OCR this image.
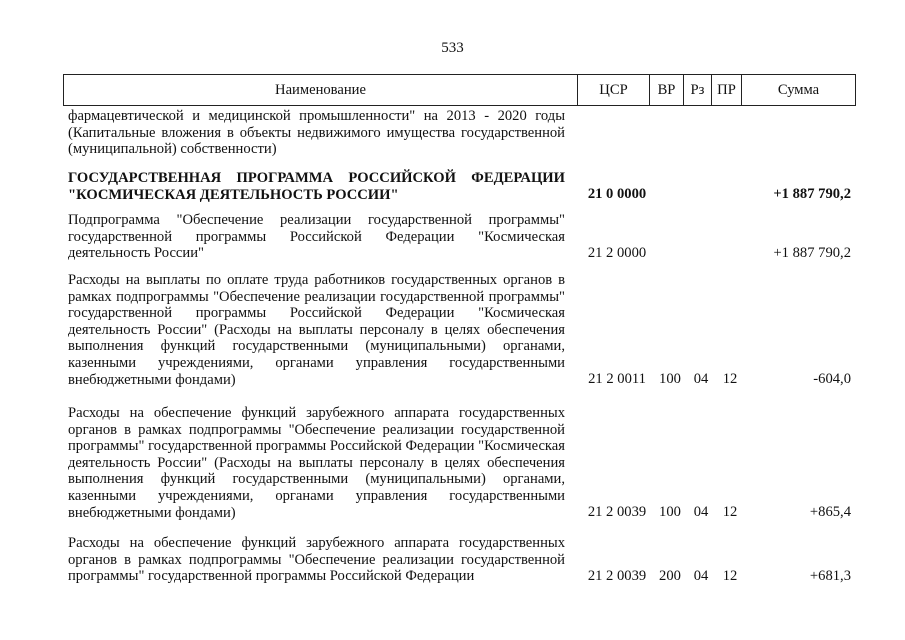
533
Наименование	ЦСР	ВР	Рз ПР	Сумма
фармацевтической и медицинской промышленности" на 2013 - 2020 годы (Капитальные вложения в объекты недвижимого имущества государственной (муниципальной) собственности)
ГОСУДАРСТВЕННАЯ ПРОГРАММА РОССИЙСКОЙ ФЕДЕРАЦИИ "КОСМИЧЕСКАЯ ДЕЯТЕЛЬНОСТЬ РОССИИ"	21 0 0000	+1 887 790,2
Подпрограмма "Обеспечение реализации государственной программы" государственной программы Российской Федерации "Космическая деятельность России"	21 2 0000	+1 887 790,2
Расходы на выплаты по оплате труда работников государственных органов в рамках подпрограммы "Обеспечение реализации государственной программы" государственной программы Российской Федерации "Космическая деятельность России" (Расходы на выплаты персоналу в целях обеспечения выполнения функций государственными (муниципальными) органами, казенными учреждениями, органами управления государственными внебюджетными фондами)	21 2 0011 100 04 12	-604,0
Расходы на обеспечение функций зарубежного аппарата государственных органов в рамках подпрограммы "Обеспечение реализации государственной программы" государственной программы Российской Федерации "Космическая деятельность России" (Расходы на выплаты персоналу в целях обеспечения выполнения функций государственными (муниципальными) органами, казенными учреждениями, органами управления государственными внебюджетными фондами)	21 2 0039 100 04 12	+865,4
Расходы на обеспечение функций зарубежного аппарата государственных органов в рамках подпрограммы "Обеспечение реализации государственной программы" государственной программы Российской Федерации	21 2 0039 200 04 12	+681,3
